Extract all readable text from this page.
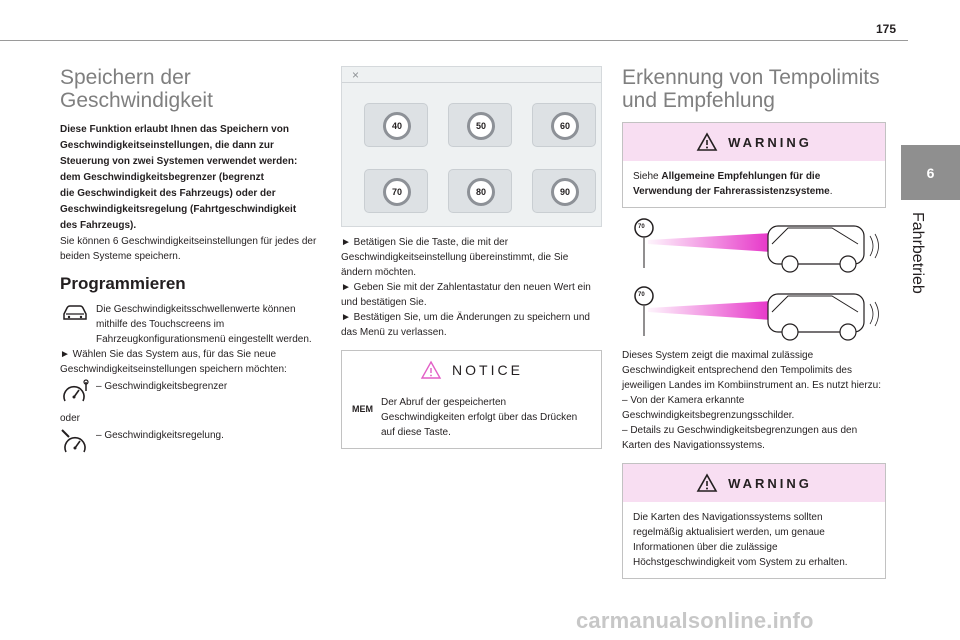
175
6
Fahrbetrieb
Speichern der
Geschwindigkeit
Diese Funktion erlaubt Ihnen das Speichern von
Geschwindigkeitseinstellungen, die dann zur
Steuerung von zwei Systemen verwendet werden:
dem Geschwindigkeitsbegrenzer (begrenzt
die Geschwindigkeit des Fahrzeugs) oder der
Geschwindigkeitsregelung (Fahrtgeschwindigkeit
des Fahrzeugs).
Sie können 6 Geschwindigkeitseinstellungen für jedes der beiden Systeme speichern.
Programmieren
Die Geschwindigkeitsschwellenwerte können mithilfe des Touchscreens im Fahrzeugkonfigurationsmenü eingestellt werden.
► Wählen Sie das System aus, für das Sie neue Geschwindigkeitseinstellungen speichern möchten:
– Geschwindigkeitsbegrenzer
oder
– Geschwindigkeitsregelung.
×
40	50	60
70	80	90
► Betätigen Sie die Taste, die mit der Geschwindigkeitseinstellung übereinstimmt, die Sie ändern möchten.
► Geben Sie mit der Zahlentastatur den neuen Wert ein und bestätigen Sie.
► Bestätigen Sie, um die Änderungen zu speichern und das Menü zu verlassen.
NOTICE
MEM
Der Abruf der gespeicherten Geschwindigkeiten erfolgt über das Drücken auf diese Taste.
Erkennung von Tempolimits
und Empfehlung
WARNING
Siehe Allgemeine Empfehlungen für die Verwendung der Fahrerassistenzsysteme.
70
70
Dieses System zeigt die maximal zulässige Geschwindigkeit entsprechend den Tempolimits des jeweiligen Landes im Kombiinstrument an. Es nutzt hierzu:
– Von der Kamera erkannte Geschwindigkeitsbegrenzungsschilder.
– Details zu Geschwindigkeitsbegrenzungen aus den Karten des Navigationssystems.
WARNING
Die Karten des Navigationssystems sollten regelmäßig aktualisiert werden, um genaue Informationen über die zulässige Höchstgeschwindigkeit vom System zu erhalten.
carmanualsonline.info
